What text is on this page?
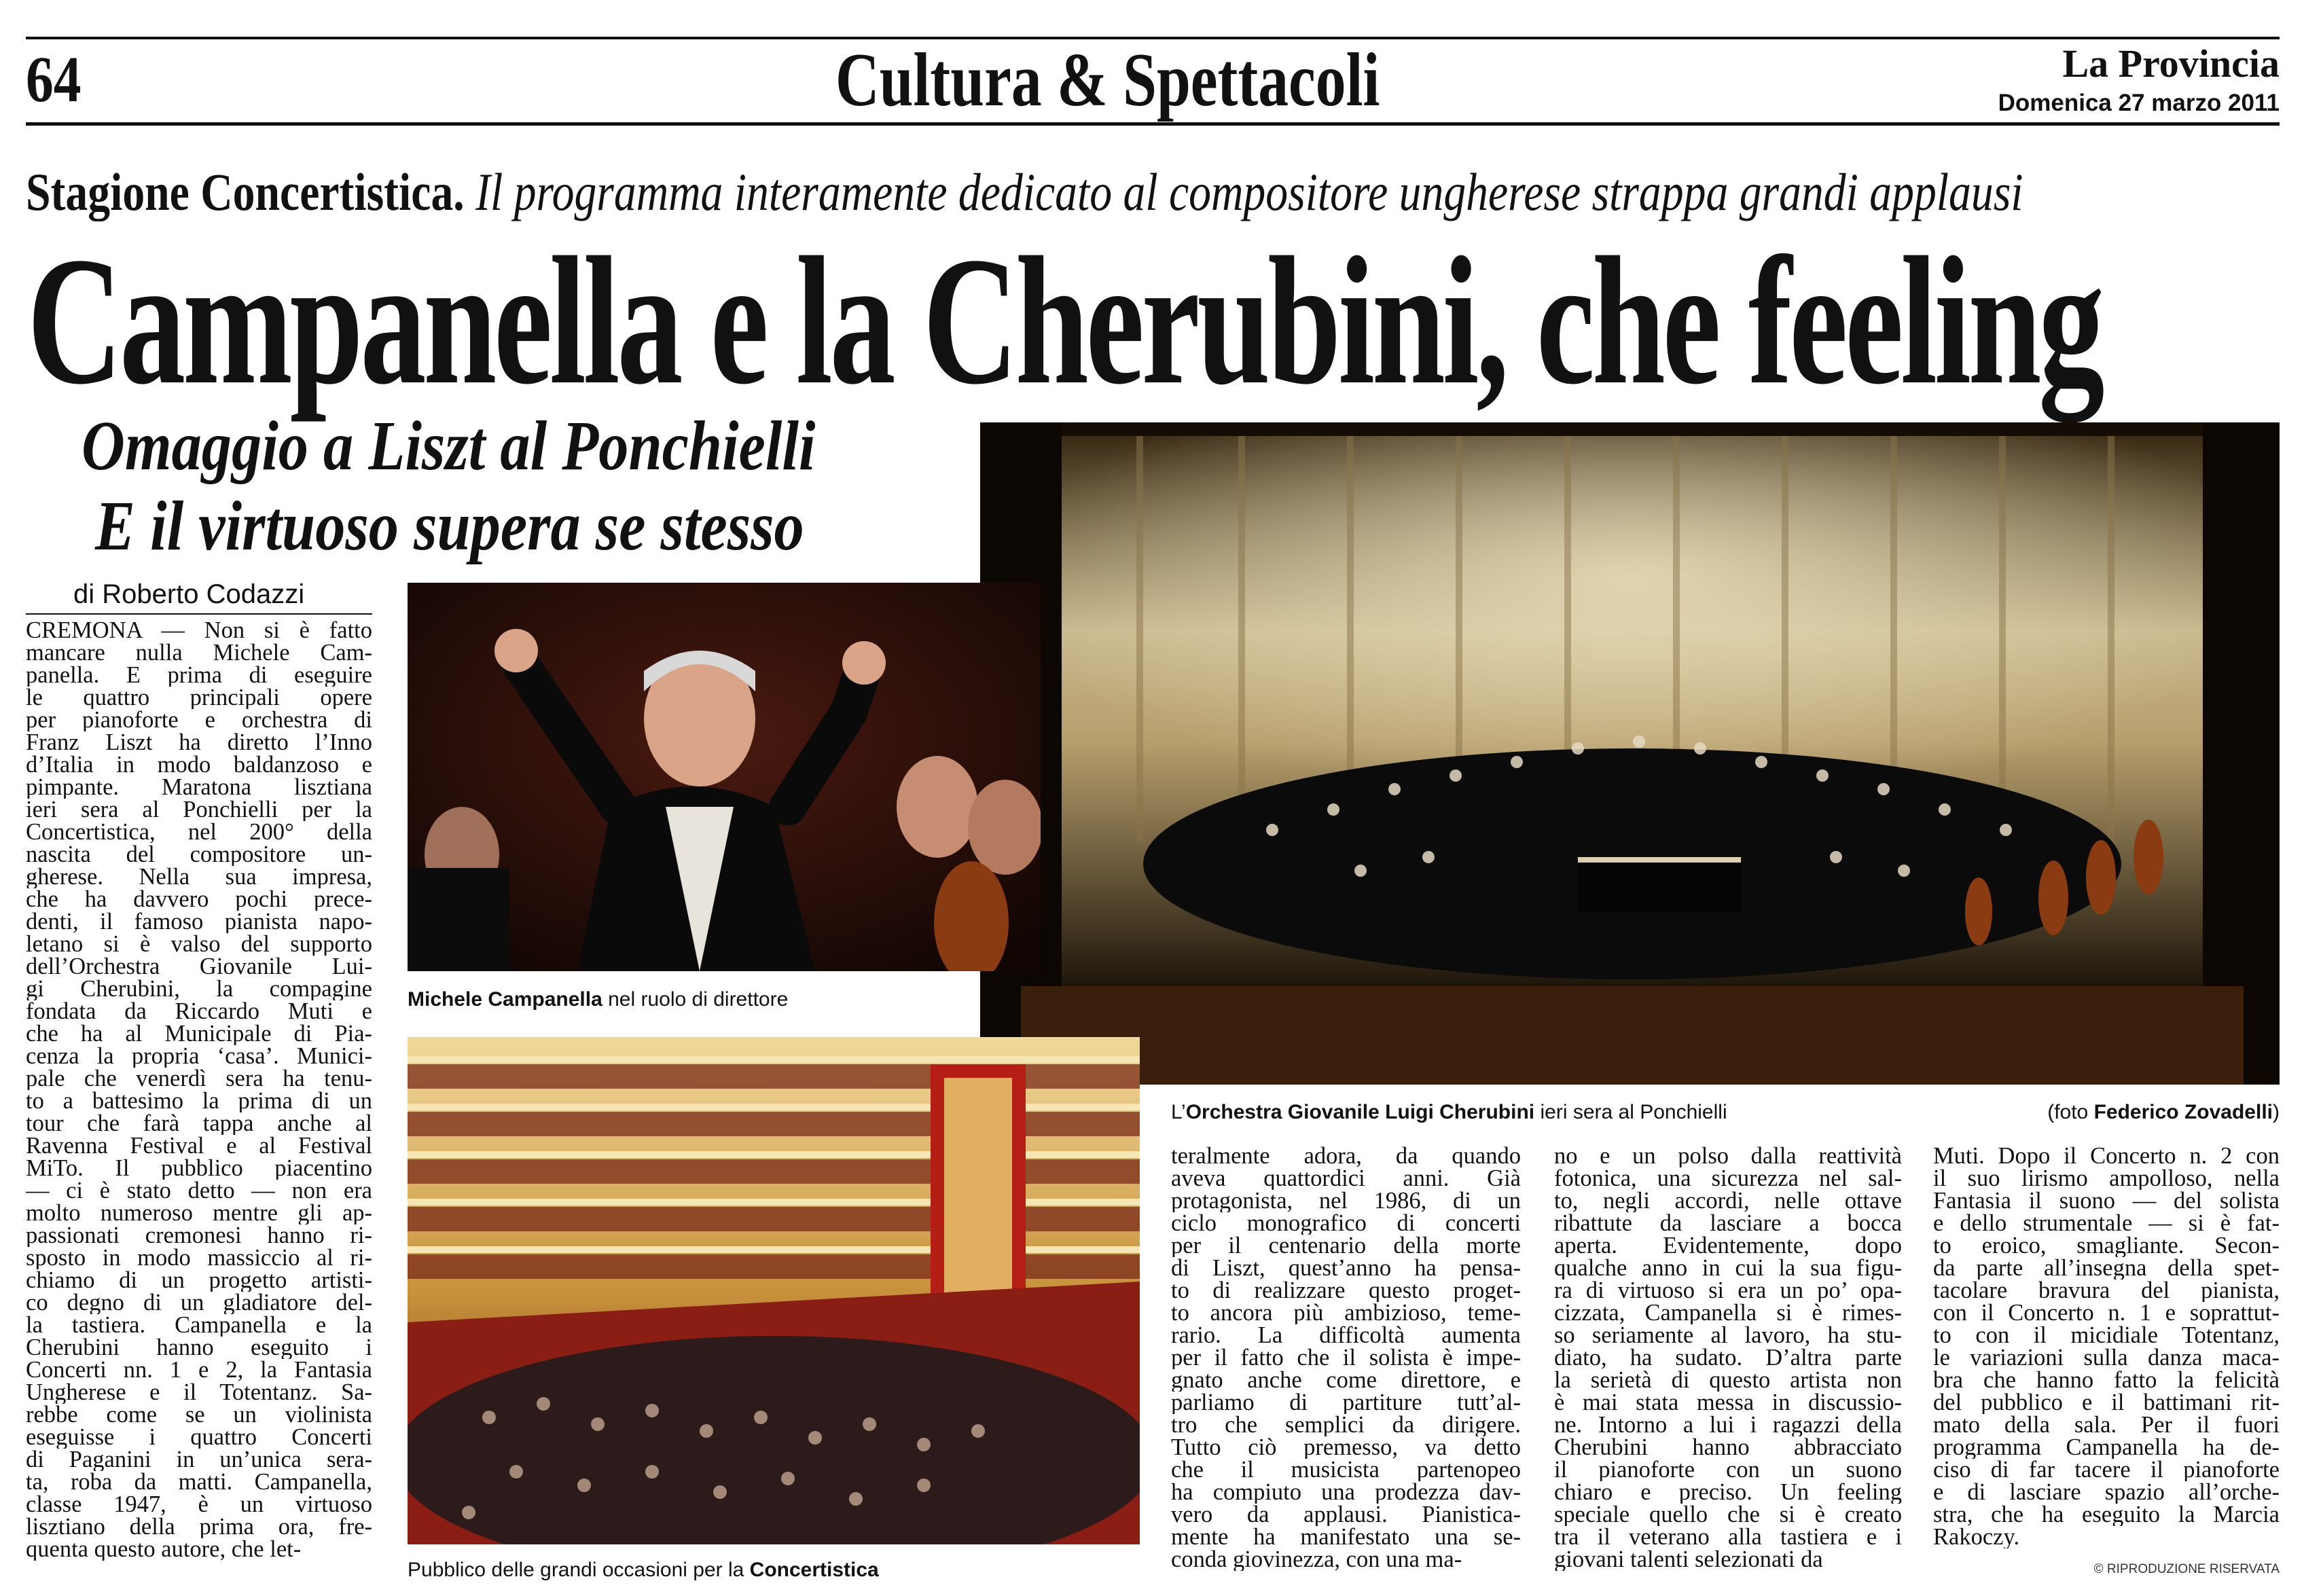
64	Cultura & Spettacoli	La Provincia
Domenica 27 marzo 2011
Stagione Concertistica. Il programma interamente dedicato al compositore ungherese strappa grandi applausi
Campanella e la Cherubini, che feeling
Omaggio a Liszt al Ponchielli
E il virtuoso supera se stesso
di Roberto Codazzi
Michele Campanella nel ruolo di direttore
Pubblico delle grandi occasioni per la Concertistica
L’Orchestra Giovanile Luigi Cherubini ieri sera al Ponchielli	(foto Federico Zovadelli)
CREMONA — Non si è fatto
mancare nulla Michele Cam-
panella. E prima di eseguire
le quattro principali opere
per pianoforte e orchestra di
Franz Liszt ha diretto l’Inno
d’Italia in modo baldanzoso e
pimpante. Maratona lisztiana
ieri sera al Ponchielli per la
Concertistica, nel 200° della
nascita del compositore un-
gherese. Nella sua impresa,
che ha davvero pochi prece-
denti, il famoso pianista napo-
letano si è valso del supporto
dell’Orchestra Giovanile Lui-
gi Cherubini, la compagine
fondata da Riccardo Muti e
che ha al Municipale di Pia-
cenza la propria ‘casa’. Munici-
pale che venerdì sera ha tenu-
to a battesimo la prima di un
tour che farà tappa anche al
Ravenna Festival e al Festival
MiTo. Il pubblico piacentino
— ci è stato detto — non era
molto numeroso mentre gli ap-
passionati cremonesi hanno ri-
sposto in modo massiccio al ri-
chiamo di un progetto artisti-
co degno di un gladiatore del-
la tastiera. Campanella e la
Cherubini hanno eseguito i
Concerti nn. 1 e 2, la Fantasia
Ungherese e il Totentanz. Sa-
rebbe come se un violinista
eseguisse i quattro Concerti
di Paganini in un’unica sera-
ta, roba da matti. Campanella,
classe 1947, è un virtuoso
lisztiano della prima ora, fre-
quenta questo autore, che let-
teralmente adora, da quando
aveva quattordici anni. Già
protagonista, nel 1986, di un
ciclo monografico di concerti
per il centenario della morte
di Liszt, quest’anno ha pensa-
to di realizzare questo proget-
to ancora più ambizioso, teme-
rario. La difficoltà aumenta
per il fatto che il solista è impe-
gnato anche come direttore, e
parliamo di partiture tutt’al-
tro che semplici da dirigere.
Tutto ciò premesso, va detto
che il musicista partenopeo
ha compiuto una prodezza dav-
vero da applausi. Pianistica-
mente ha manifestato una se-
conda giovinezza, con una ma-
no e un polso dalla reattività
fotonica, una sicurezza nel sal-
to, negli accordi, nelle ottave
ribattute da lasciare a bocca
aperta. Evidentemente, dopo
qualche anno in cui la sua figu-
ra di virtuoso si era un po’ opa-
cizzata, Campanella si è rimes-
so seriamente al lavoro, ha stu-
diato, ha sudato. D’altra parte
la serietà di questo artista non
è mai stata messa in discussio-
ne. Intorno a lui i ragazzi della
Cherubini hanno abbracciato
il pianoforte con un suono
chiaro e preciso. Un feeling
speciale quello che si è creato
tra il veterano alla tastiera e i
giovani talenti selezionati da
Muti. Dopo il Concerto n. 2 con
il suo lirismo ampolloso, nella
Fantasia il suono — del solista
e dello strumentale — si è fat-
to eroico, smagliante. Secon-
da parte all’insegna della spet-
tacolare bravura del pianista,
con il Concerto n. 1 e soprattut-
to con il micidiale Totentanz,
le variazioni sulla danza maca-
bra che hanno fatto la felicità
del pubblico e il battimani rit-
mato della sala. Per il fuori
programma Campanella ha de-
ciso di far tacere il pianoforte
e di lasciare spazio all’orche-
stra, che ha eseguito la Marcia
Rakoczy.
© RIPRODUZIONE RISERVATA
